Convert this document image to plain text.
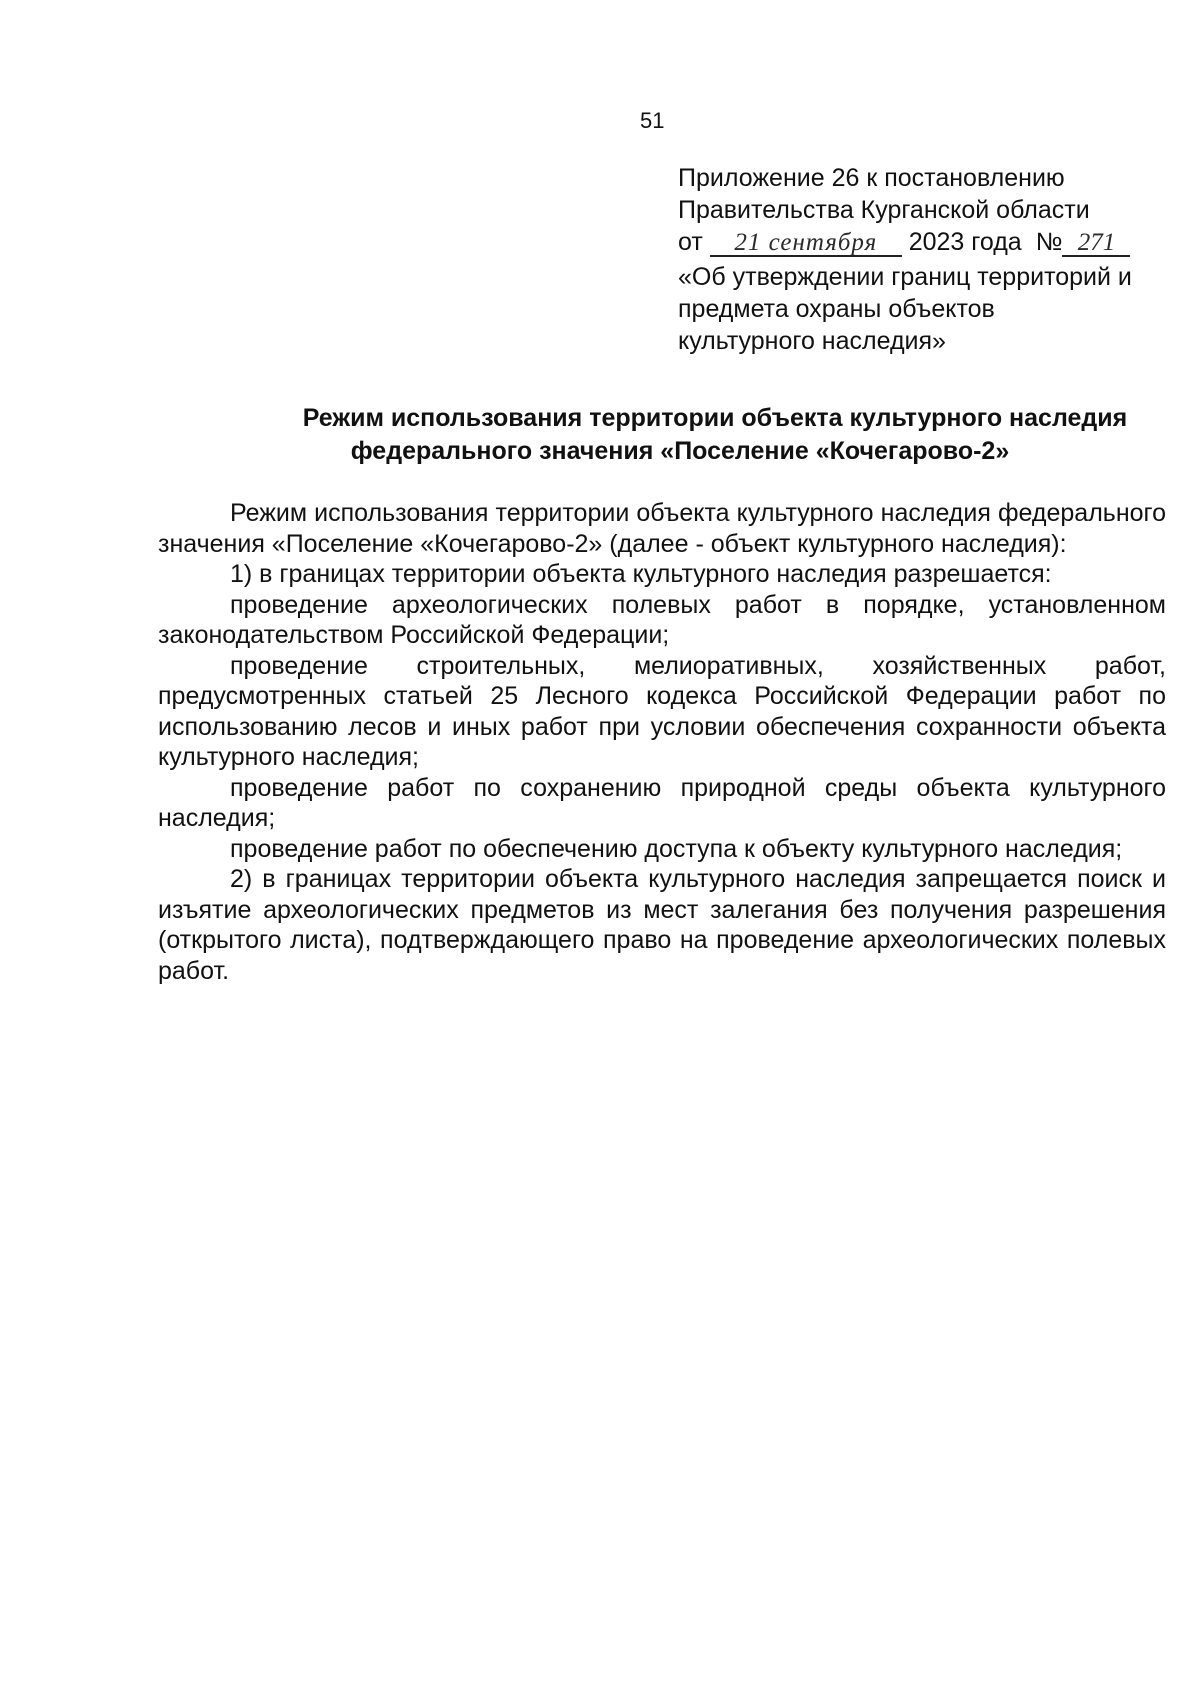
51
Приложение 26 к постановлению
Правительства Курганской области
от 21 сентября 2023 года № 271
«Об утверждении границ территорий и
предмета охраны объектов
культурного наследия»
Режим использования территории объекта культурного наследия
федерального значения «Поселение «Кочегарово-2»

Режим использования территории объекта культурного наследия федерального значения «Поселение «Кочегарово-2» (далее - объект культурного наследия):

1) в границах территории объекта культурного наследия разрешается:

проведение археологических полевых работ в порядке, установленном законодательством Российской Федерации;

проведение строительных, мелиоративных, хозяйственных работ, предусмотренных статьей 25 Лесного кодекса Российской Федерации работ по использованию лесов и иных работ при условии обеспечения сохранности объекта культурного наследия;

проведение работ по сохранению природной среды объекта культурного наследия;

проведение работ по обеспечению доступа к объекту культурного наследия;

2) в границах территории объекта культурного наследия запрещается поиск и изъятие археологических предметов из мест залегания без получения разрешения (открытого листа), подтверждающего право на проведение археологических полевых работ.
